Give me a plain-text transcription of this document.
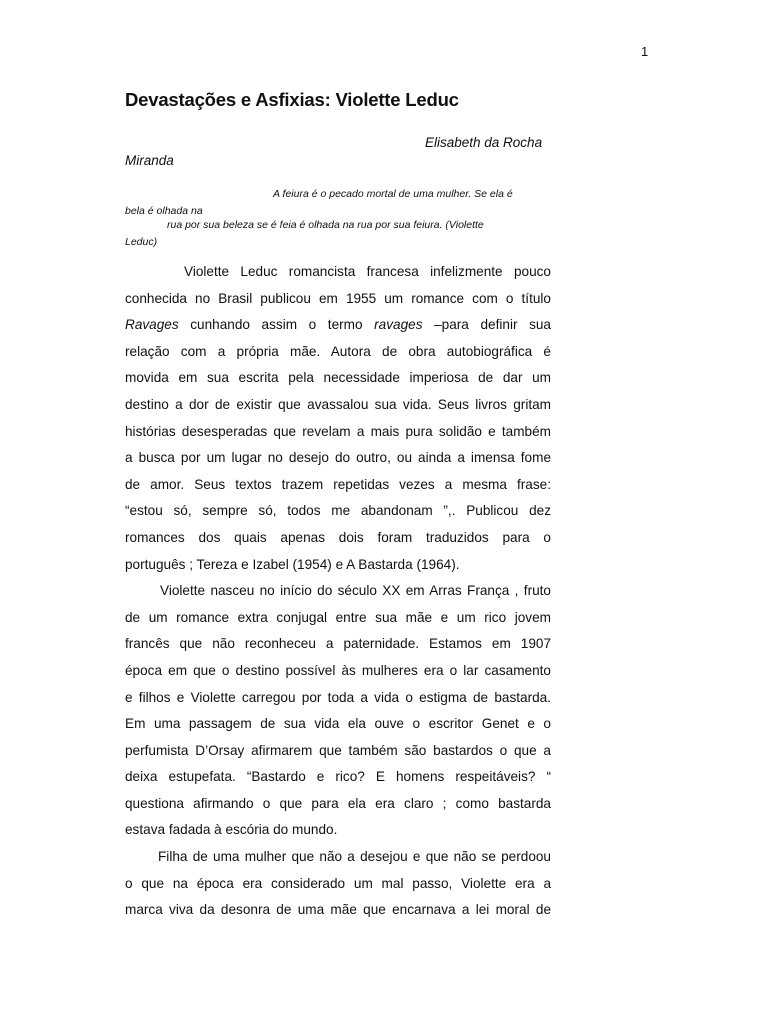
1
Devastações e Asfixias: Violette Leduc
Elisabeth da Rocha
Miranda
A feiura é o pecado mortal de uma mulher. Se ela é
bela é olhada na
rua por sua beleza se é feia é olhada na rua por sua feiura. (Violette
Leduc)
Violette Leduc romancista francesa infelizmente pouco
conhecida no Brasil publicou em 1955 um romance com o título
Ravages cunhando assim o termo ravages –para definir sua
relação com a própria mãe. Autora de obra autobiográfica é
movida em sua escrita pela necessidade imperiosa de dar um
destino a dor de existir que avassalou sua vida. Seus livros gritam
histórias desesperadas que revelam a mais pura solidão e também
a busca por um lugar no desejo do outro, ou ainda a imensa fome
de amor. Seus textos trazem repetidas vezes a mesma frase:
“estou só, sempre só, todos me abandonam ”,. Publicou dez
romances dos quais apenas dois foram traduzidos para o
português ; Tereza e Izabel (1954) e A Bastarda (1964).
Violette nasceu no início do século XX em Arras França , fruto
de um romance extra conjugal entre sua mãe e um rico jovem
francês que não reconheceu a paternidade. Estamos em 1907
época em que o destino possível às mulheres era o lar casamento
e filhos e Violette carregou por toda a vida o estigma de bastarda.
Em uma passagem de sua vida ela ouve o escritor Genet e o
perfumista D’Orsay afirmarem que também são bastardos o que a
deixa estupefata. “Bastardo e rico? E homens respeitáveis? “
questiona afirmando o que para ela era claro ; como bastarda
estava fadada à escória do mundo.
Filha de uma mulher que não a desejou e que não se perdoou
o que na época era considerado um mal passo, Violette era a
marca viva da desonra de uma mãe que encarnava a lei moral de
